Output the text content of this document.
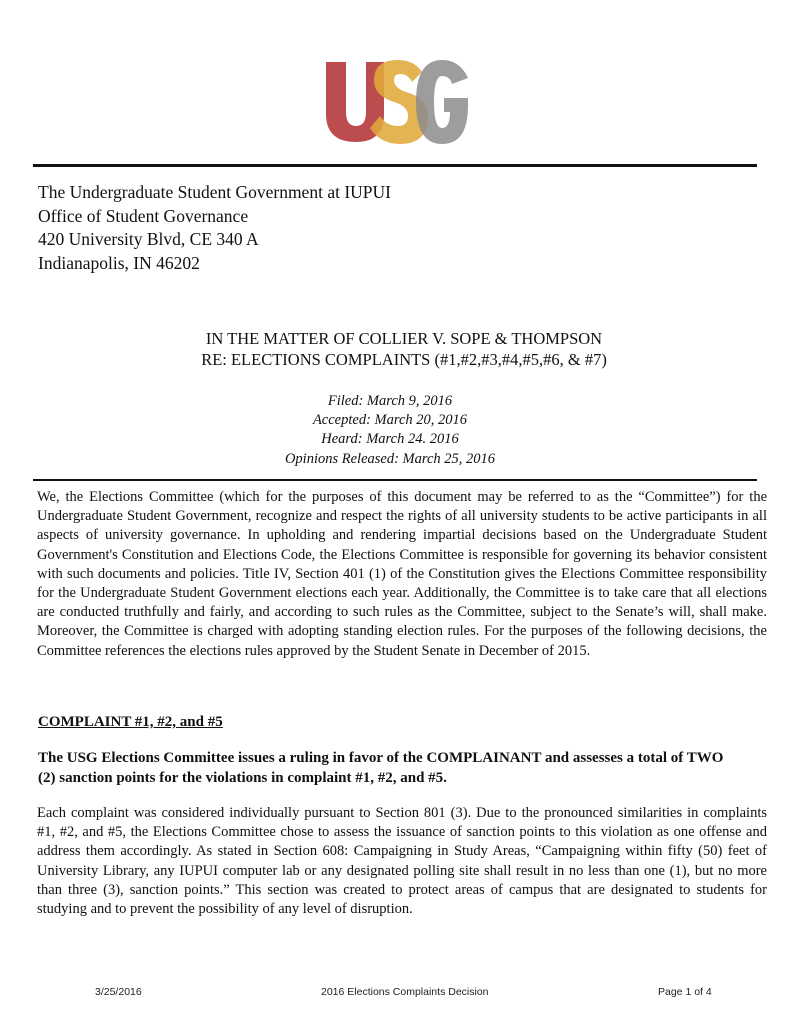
The Undergraduate Student Government at IUPUI
Office of Student Governance
420 University Blvd, CE 340 A
Indianapolis, IN 46202
IN THE MATTER OF COLLIER V. SOPE & THOMPSON
RE: ELECTIONS COMPLAINTS (#1,#2,#3,#4,#5,#6, & #7)
Filed: March 9, 2016
Accepted: March 20, 2016
Heard: March 24. 2016
Opinions Released: March 25, 2016
We, the Elections Committee (which for the purposes of this document may be referred to as the “Committee”) for the Undergraduate Student Government, recognize and respect the rights of all university students to be active participants in all aspects of university governance. In upholding and rendering impartial decisions based on the Undergraduate Student Government's Constitution and Elections Code, the Elections Committee is responsible for governing its behavior consistent with such documents and policies. Title IV, Section 401 (1) of the Constitution gives the Elections Committee responsibility for the Undergraduate Student Government elections each year. Additionally, the Committee is to take care that all elections are conducted truthfully and fairly, and according to such rules as the Committee, subject to the Senate’s will, shall make. Moreover, the Committee is charged with adopting standing election rules. For the purposes of the following decisions, the Committee references the elections rules approved by the Student Senate in December of 2015.
COMPLAINT #1, #2, and #5
The USG Elections Committee issues a ruling in favor of the COMPLAINANT and assesses a total of TWO (2) sanction points for the violations in complaint #1, #2, and #5.
Each complaint was considered individually pursuant to Section 801 (3). Due to the pronounced similarities in complaints #1, #2, and #5, the Elections Committee chose to assess the issuance of sanction points to this violation as one offense and address them accordingly. As stated in Section 608: Campaigning in Study Areas, “Campaigning within fifty (50) feet of University Library, any IUPUI computer lab or any designated polling site shall result in no less than one (1), but no more than three (3), sanction points.” This section was created to protect areas of campus that are designated to students for studying and to prevent the possibility of any level of disruption.
3/25/2016	2016 Elections Complaints Decision	Page 1 of 4
